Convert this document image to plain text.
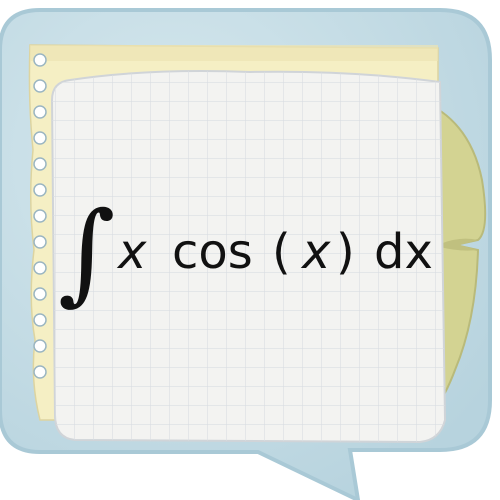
∫ x cos ( x ) dx
